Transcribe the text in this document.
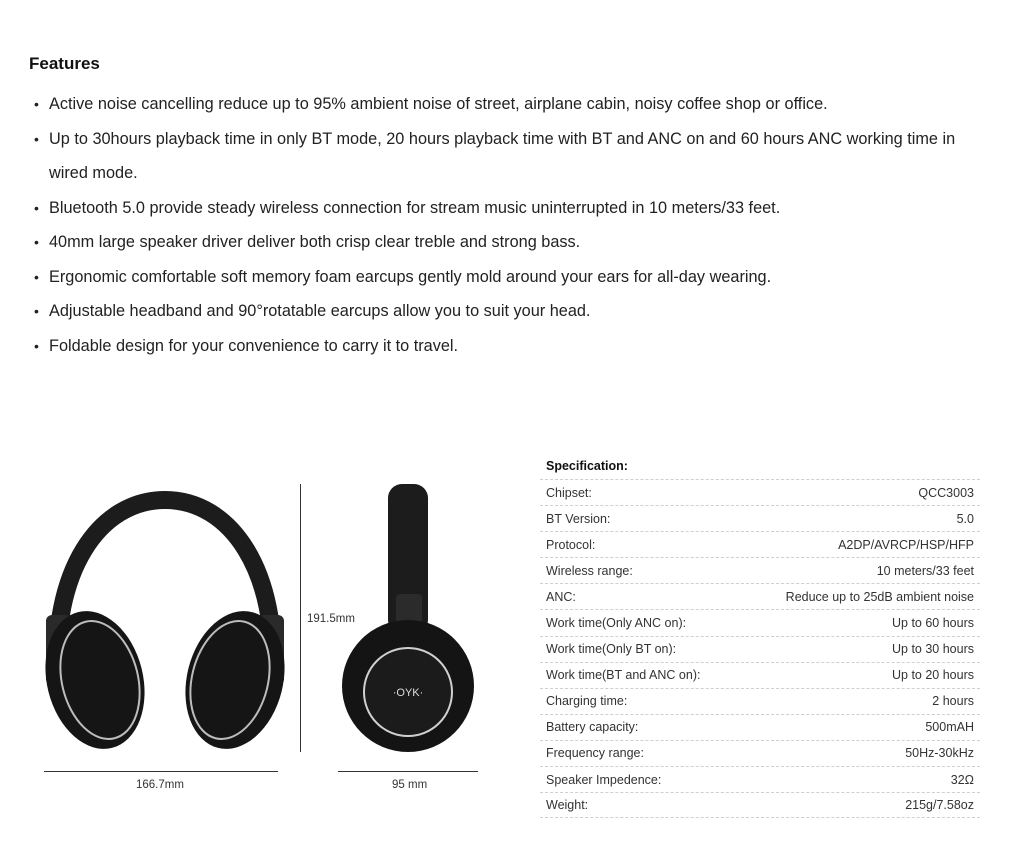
Features
• Active noise cancelling reduce up to 95% ambient noise of street, airplane cabin, noisy coffee shop or office.
• Up to 30hours playback time in only BT mode, 20 hours playback time with BT and ANC on and 60 hours ANC working time in wired mode.
• Bluetooth 5.0 provide steady wireless connection for stream music uninterrupted in 10 meters/33 feet.
• 40mm large speaker driver deliver both crisp clear treble and strong bass.
• Ergonomic comfortable soft memory foam earcups gently mold around your ears for all-day wearing.
• Adjustable headband and 90°rotatable earcups allow you to suit your head.
• Foldable design for your convenience to carry it to travel.
166.7mm
191.5mm
·OYK·
95 mm
Specification:
Chipset:	QCC3003
BT Version:	5.0
Protocol:	A2DP/AVRCP/HSP/HFP
Wireless range:	10 meters/33 feet
ANC:	Reduce up to 25dB ambient noise
Work time(Only ANC on):	Up to 60 hours
Work time(Only BT on):	Up to 30 hours
Work time(BT and ANC on):	Up to 20 hours
Charging time:	2 hours
Battery capacity:	500mAH
Frequency range:	50Hz-30kHz
Speaker Impedence:	32Ω
Weight:	215g/7.58oz
